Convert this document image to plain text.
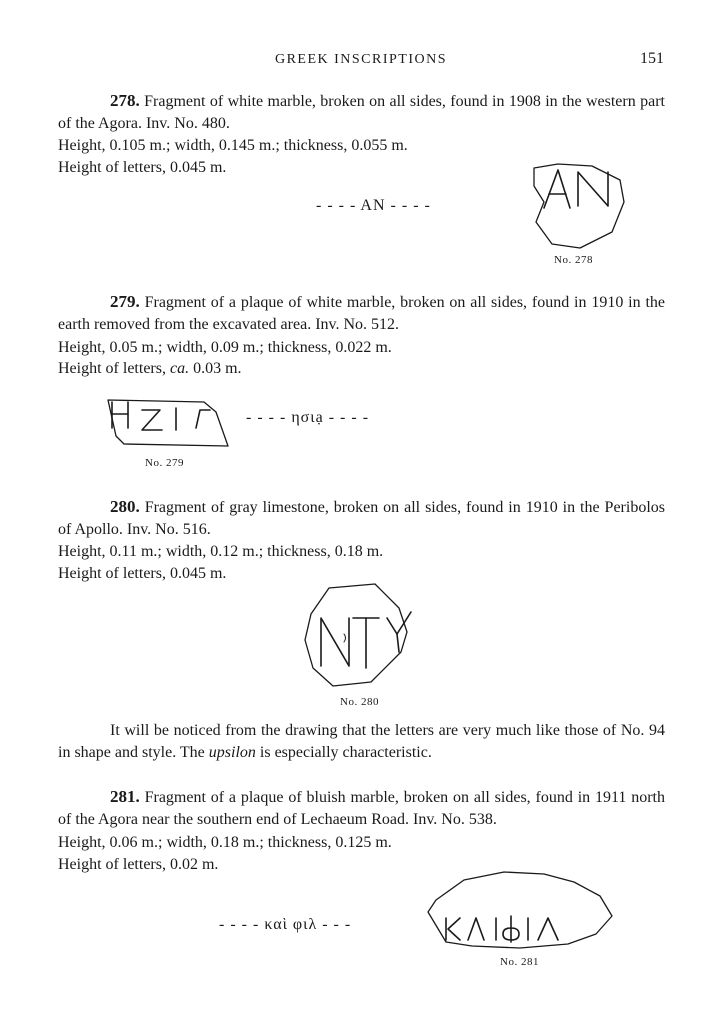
GREEK INSCRIPTIONS	151
278. Fragment of white marble, broken on all sides, found in 1908 in the western part of the Agora. Inv. No. 480.
Height, 0.105 m.; width, 0.145 m.; thickness, 0.055 m.
Height of letters, 0.045 m.
- - - - AN - - - -
No. 278
279. Fragment of a plaque of white marble, broken on all sides, found in 1910 in the earth removed from the excavated area. Inv. No. 512.
Height, 0.05 m.; width, 0.09 m.; thickness, 0.022 m.
Height of letters, ca. 0.03 m.
- - - - ησιạ - - - -
No. 279
280. Fragment of gray limestone, broken on all sides, found in 1910 in the Peribolos of Apollo. Inv. No. 516.
Height, 0.11 m.; width, 0.12 m.; thickness, 0.18 m.
Height of letters, 0.045 m.
No. 280
It will be noticed from the drawing that the letters are very much like those of No. 94 in shape and style. The upsilon is especially characteristic.
281. Fragment of a plaque of bluish marble, broken on all sides, found in 1911 north of the Agora near the southern end of Lechaeum Road. Inv. No. 538.
Height, 0.06 m.; width, 0.18 m.; thickness, 0.125 m.
Height of letters, 0.02 m.
- - - - καὶ φιλ - - -
No. 281
